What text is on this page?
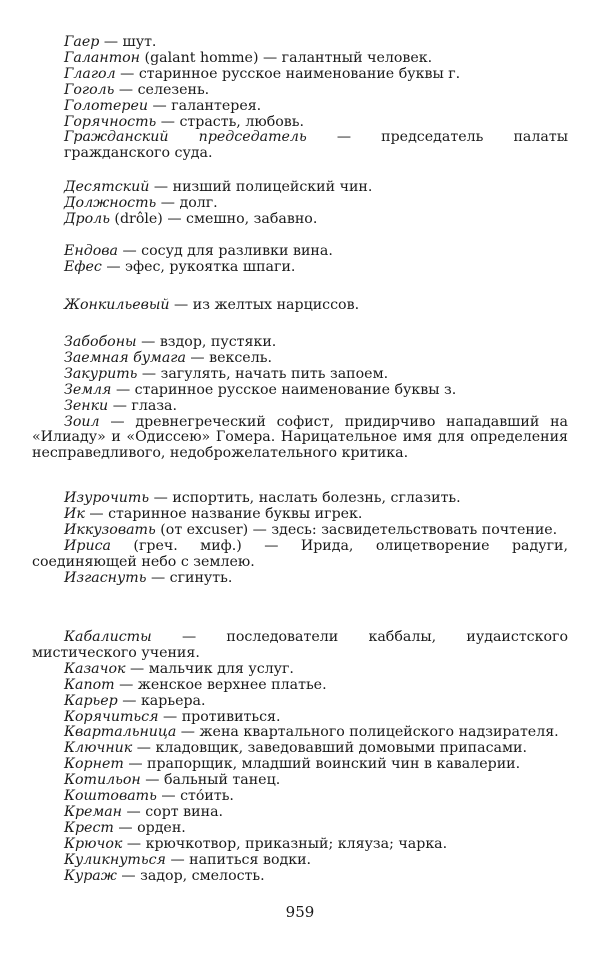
Гаер — шут.
Галантон (galant homme) — галантный человек.
Глагол — старинное русское наименование буквы г.
Гоголь — селезень.
Голотереи — галантерея.
Горячность — страсть, любовь.
Гражданский председатель — председатель палаты гражданского суда.
Десятский — низший полицейский чин.
Должность — долг.
Дроль (drôle) — смешно, забавно.
Ендова — сосуд для разливки вина.
Ефес — эфес, рукоятка шпаги.
Жонкильевый — из желтых нарциссов.
Забобоны — вздор, пустяки.
Заемная бумага — вексель.
Закурить — загулять, начать пить запоем.
Земля — старинное русское наименование буквы з.
Зенки — глаза.
Зоил — древнегреческий софист, придирчиво нападавший на «Илиаду» и «Одиссею» Гомера. Нарицательное имя для определения несправедливого, недоброжелательного критика.
Изурочить — испортить, наслать болезнь, сглазить.
Ик — старинное название буквы игрек.
Иккузовать (от excuser) — здесь: засвидетельствовать почтение.
Ириса (греч. миф.) — Ирида, олицетворение радуги, соединяющей небо с землею.
Изгаснуть — сгинуть.
Кабалисты — последователи каббалы, иудаистского мистического учения.
Казачок — мальчик для услуг.
Капот — женское верхнее платье.
Карьер — карьера.
Корячиться — противиться.
Квартальница — жена квартального полицейского надзирателя.
Ключник — кладовщик, заведовавший домовыми припасами.
Корнет — прапорщик, младший воинский чин в кавалерии.
Котильон — бальный танец.
Коштовать — сто́ить.
Креман — сорт вина.
Крест — орден.
Крючок — крючкотвор, приказный; кляуза; чарка.
Куликнуться — напиться водки.
Кураж — задор, смелость.
959
